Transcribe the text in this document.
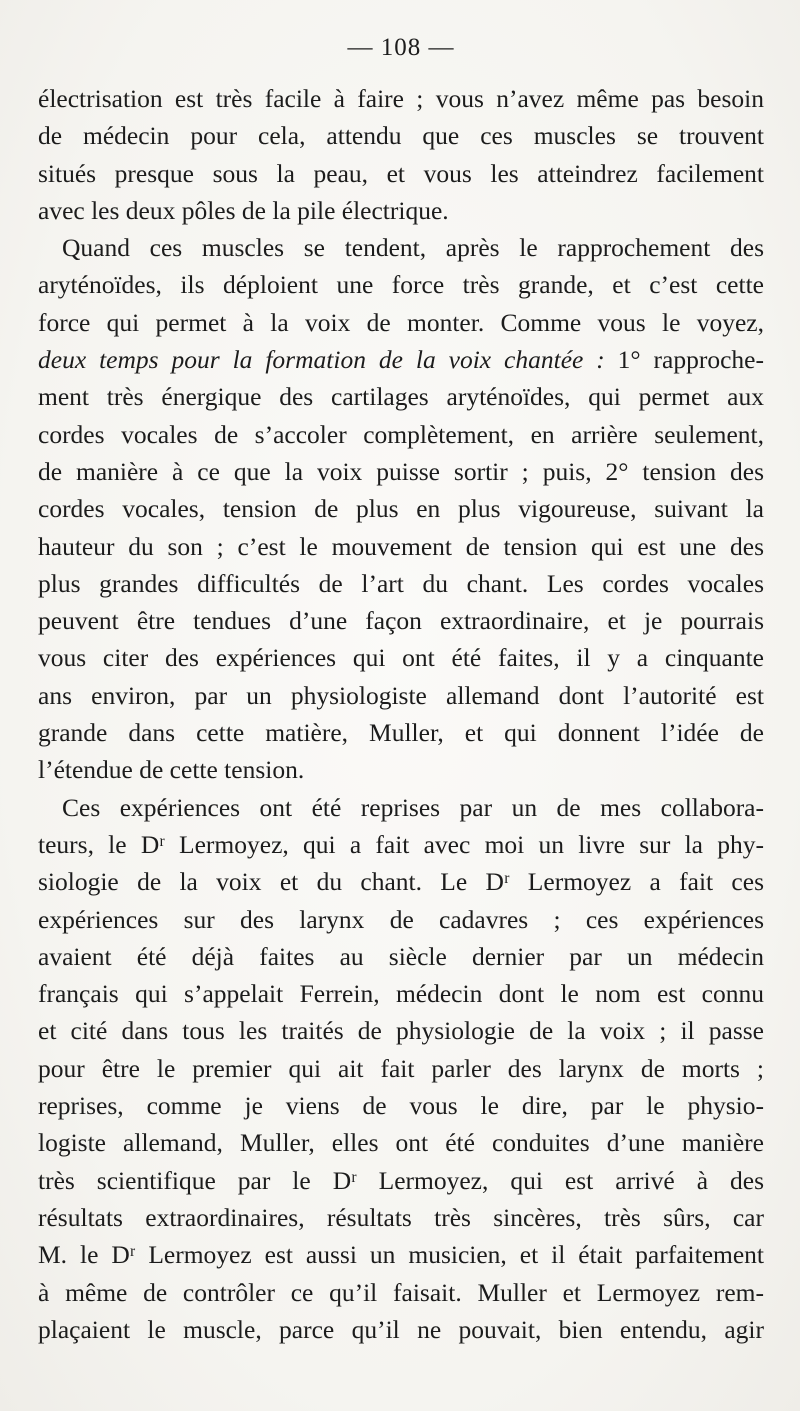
— 108 —
électrisation est très facile à faire ; vous n’avez même pas besoin
de médecin pour cela, attendu que ces muscles se trouvent
situés presque sous la peau, et vous les atteindrez facilement
avec les deux pôles de la pile électrique.
Quand ces muscles se tendent, après le rapprochement des
aryténoïdes, ils déploient une force très grande, et c’est cette
force qui permet à la voix de monter. Comme vous le voyez,
deux temps pour la formation de la voix chantée : 1° rapproche-
ment très énergique des cartilages aryténoïdes, qui permet aux
cordes vocales de s’accoler complètement, en arrière seulement,
de manière à ce que la voix puisse sortir ; puis, 2° tension des
cordes vocales, tension de plus en plus vigoureuse, suivant la
hauteur du son ; c’est le mouvement de tension qui est une des
plus grandes difficultés de l’art du chant. Les cordes vocales
peuvent être tendues d’une façon extraordinaire, et je pourrais
vous citer des expériences qui ont été faites, il y a cinquante
ans environ, par un physiologiste allemand dont l’autorité est
grande dans cette matière, Muller, et qui donnent l’idée de
l’étendue de cette tension.
Ces expériences ont été reprises par un de mes collabora-
teurs, le Dʳ Lermoyez, qui a fait avec moi un livre sur la phy-
siologie de la voix et du chant. Le Dʳ Lermoyez a fait ces
expériences sur des larynx de cadavres ; ces expériences
avaient été déjà faites au siècle dernier par un médecin
français qui s’appelait Ferrein, médecin dont le nom est connu
et cité dans tous les traités de physiologie de la voix ; il passe
pour être le premier qui ait fait parler des larynx de morts ;
reprises, comme je viens de vous le dire, par le physio-
logiste allemand, Muller, elles ont été conduites d’une manière
très scientifique par le Dʳ Lermoyez, qui est arrivé à des
résultats extraordinaires, résultats très sincères, très sûrs, car
M. le Dʳ Lermoyez est aussi un musicien, et il était parfaitement
à même de contrôler ce qu’il faisait. Muller et Lermoyez rem-
plaçaient le muscle, parce qu’il ne pouvait, bien entendu, agir
